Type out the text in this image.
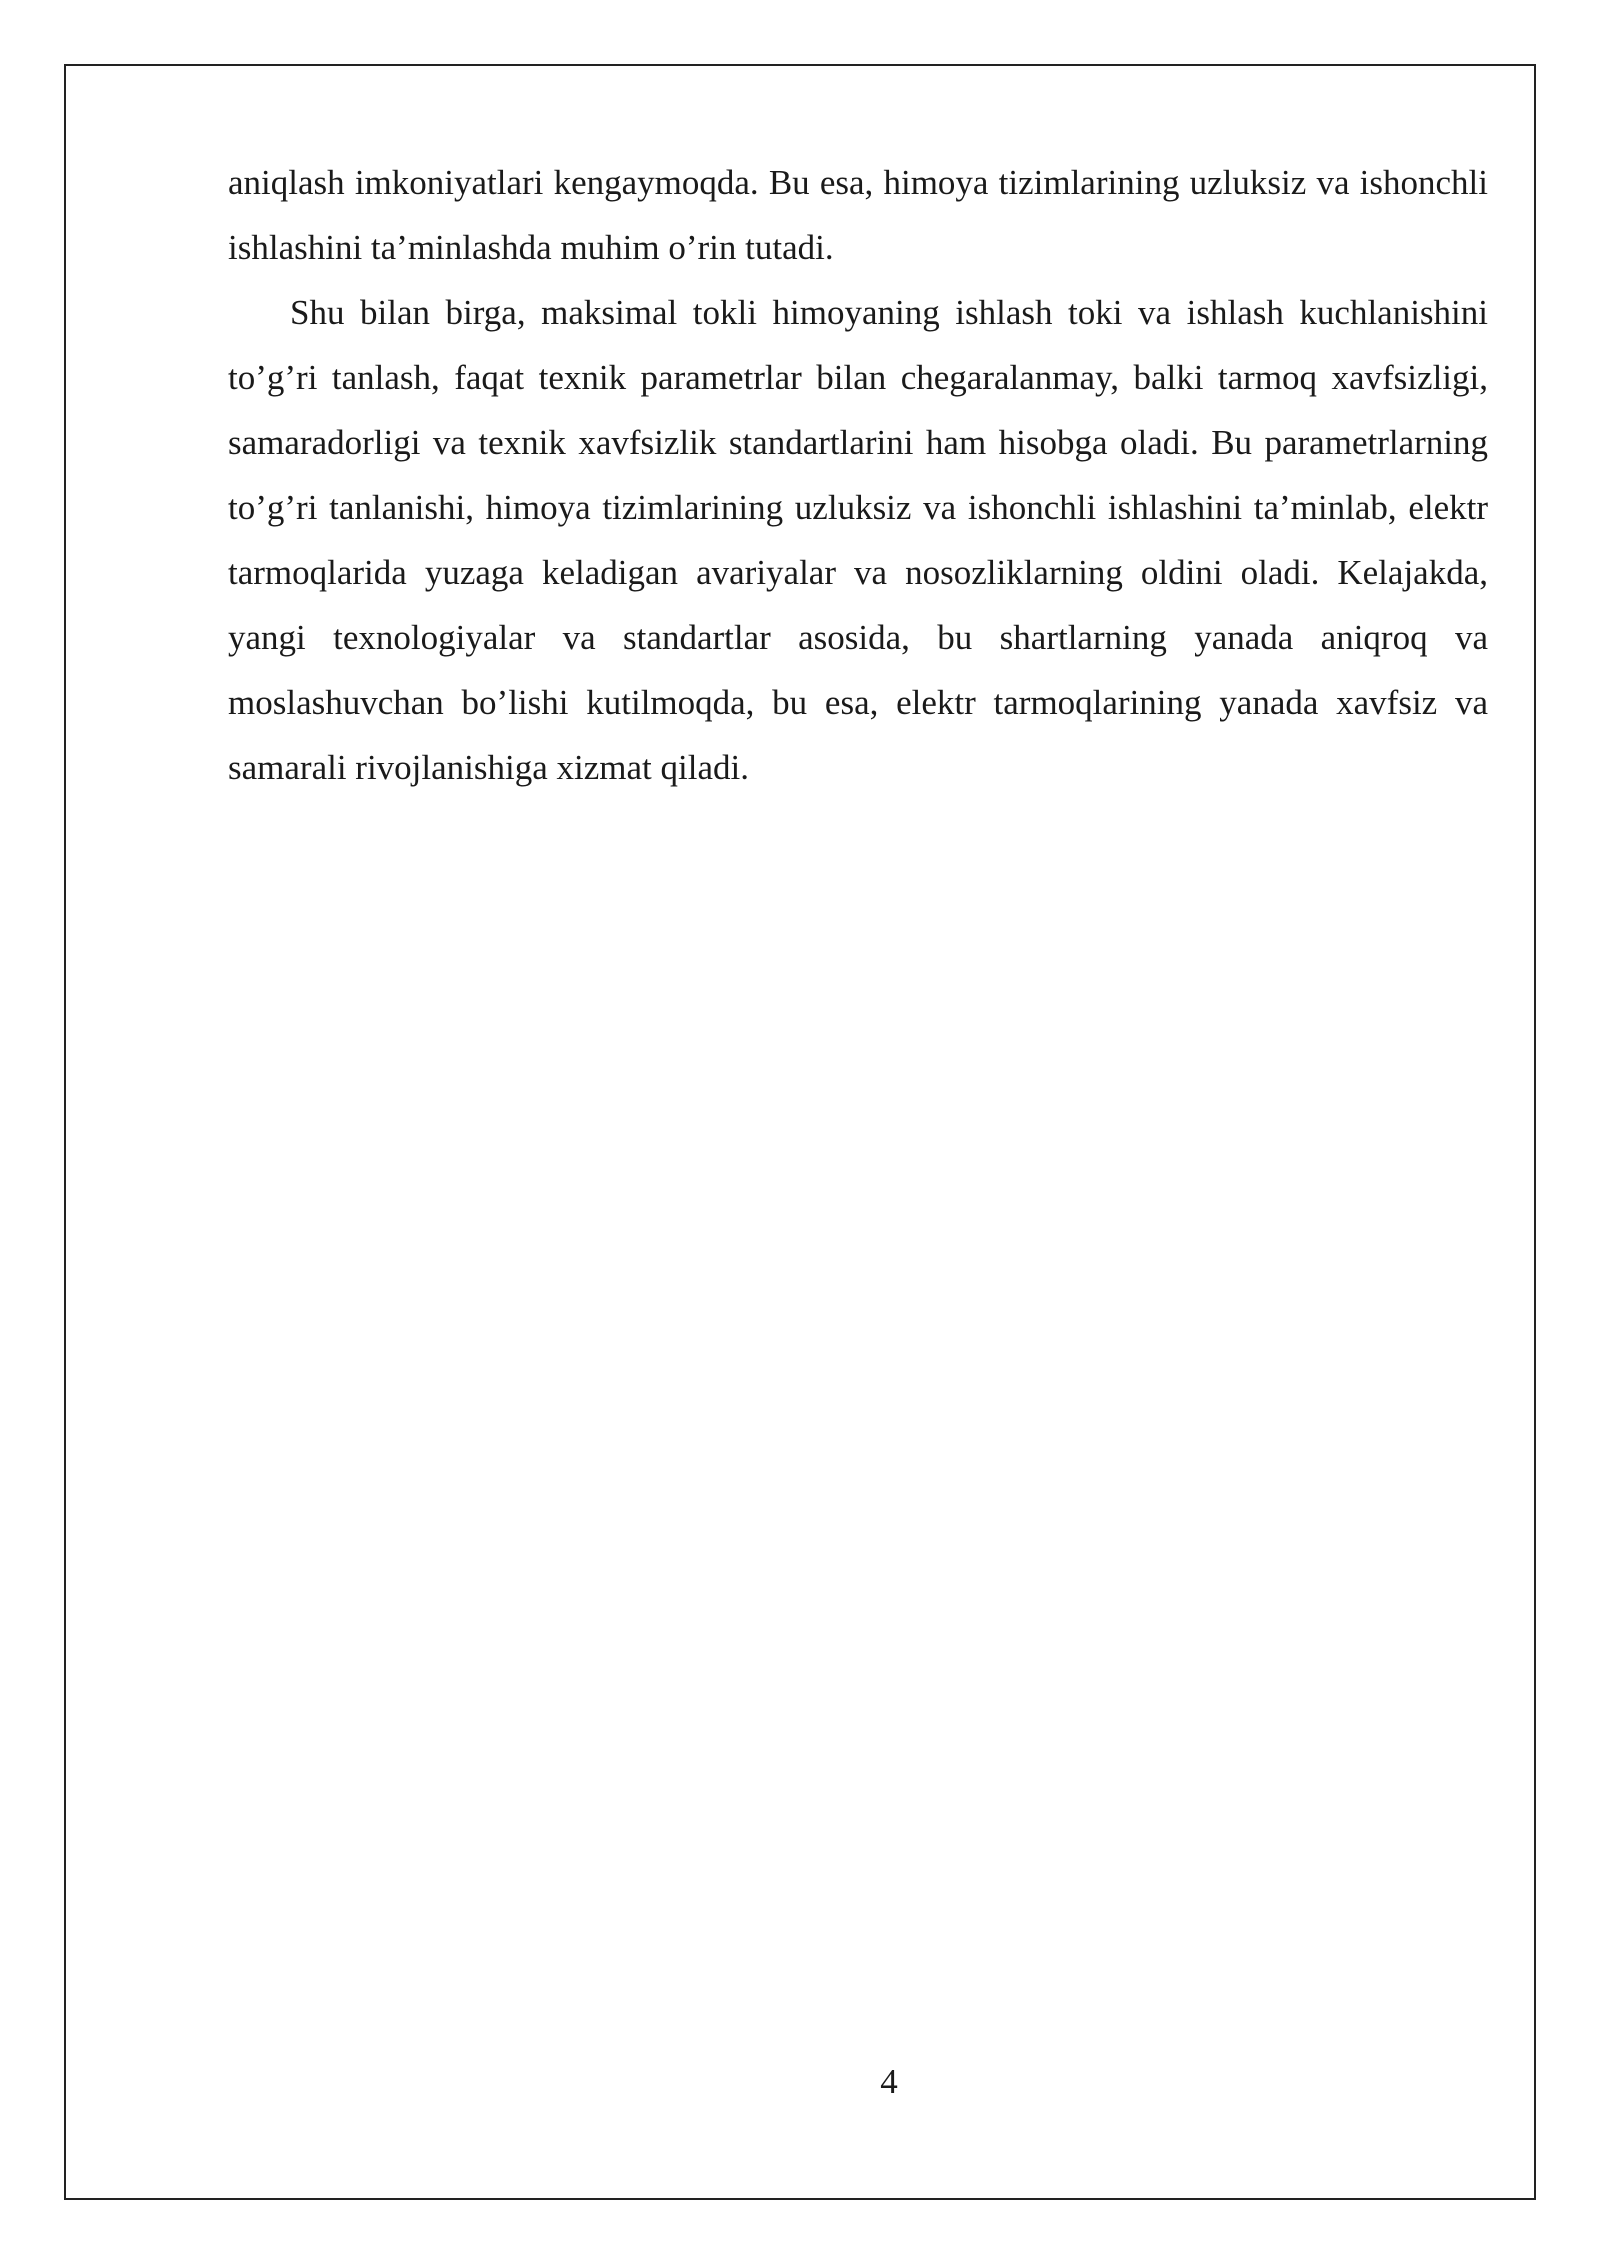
aniqlash imkoniyatlari kengaymoqda. Bu esa, himoya tizimlarining uzluksiz va ishonchli ishlashini ta’minlashda muhim o’rin tutadi.

Shu bilan birga, maksimal tokli himoyaning ishlash toki va ishlash kuchlanishini to’g’ri tanlash, faqat texnik parametrlar bilan chegaralanmay, balki tarmoq xavfsizligi, samaradorligi va texnik xavfsizlik standartlarini ham hisobga oladi. Bu parametrlarning to’g’ri tanlanishi, himoya tizimlarining uzluksiz va ishonchli ishlashini ta’minlab, elektr tarmoqlarida yuzaga keladigan avariyalar va nosozliklarning oldini oladi. Kelajakda, yangi texnologiyalar va standartlar asosida, bu shartlarning yanada aniqroq va moslashuvchan bo’lishi kutilmoqda, bu esa, elektr tarmoqlarining yanada xavfsiz va samarali rivojlanishiga xizmat qiladi.

4
